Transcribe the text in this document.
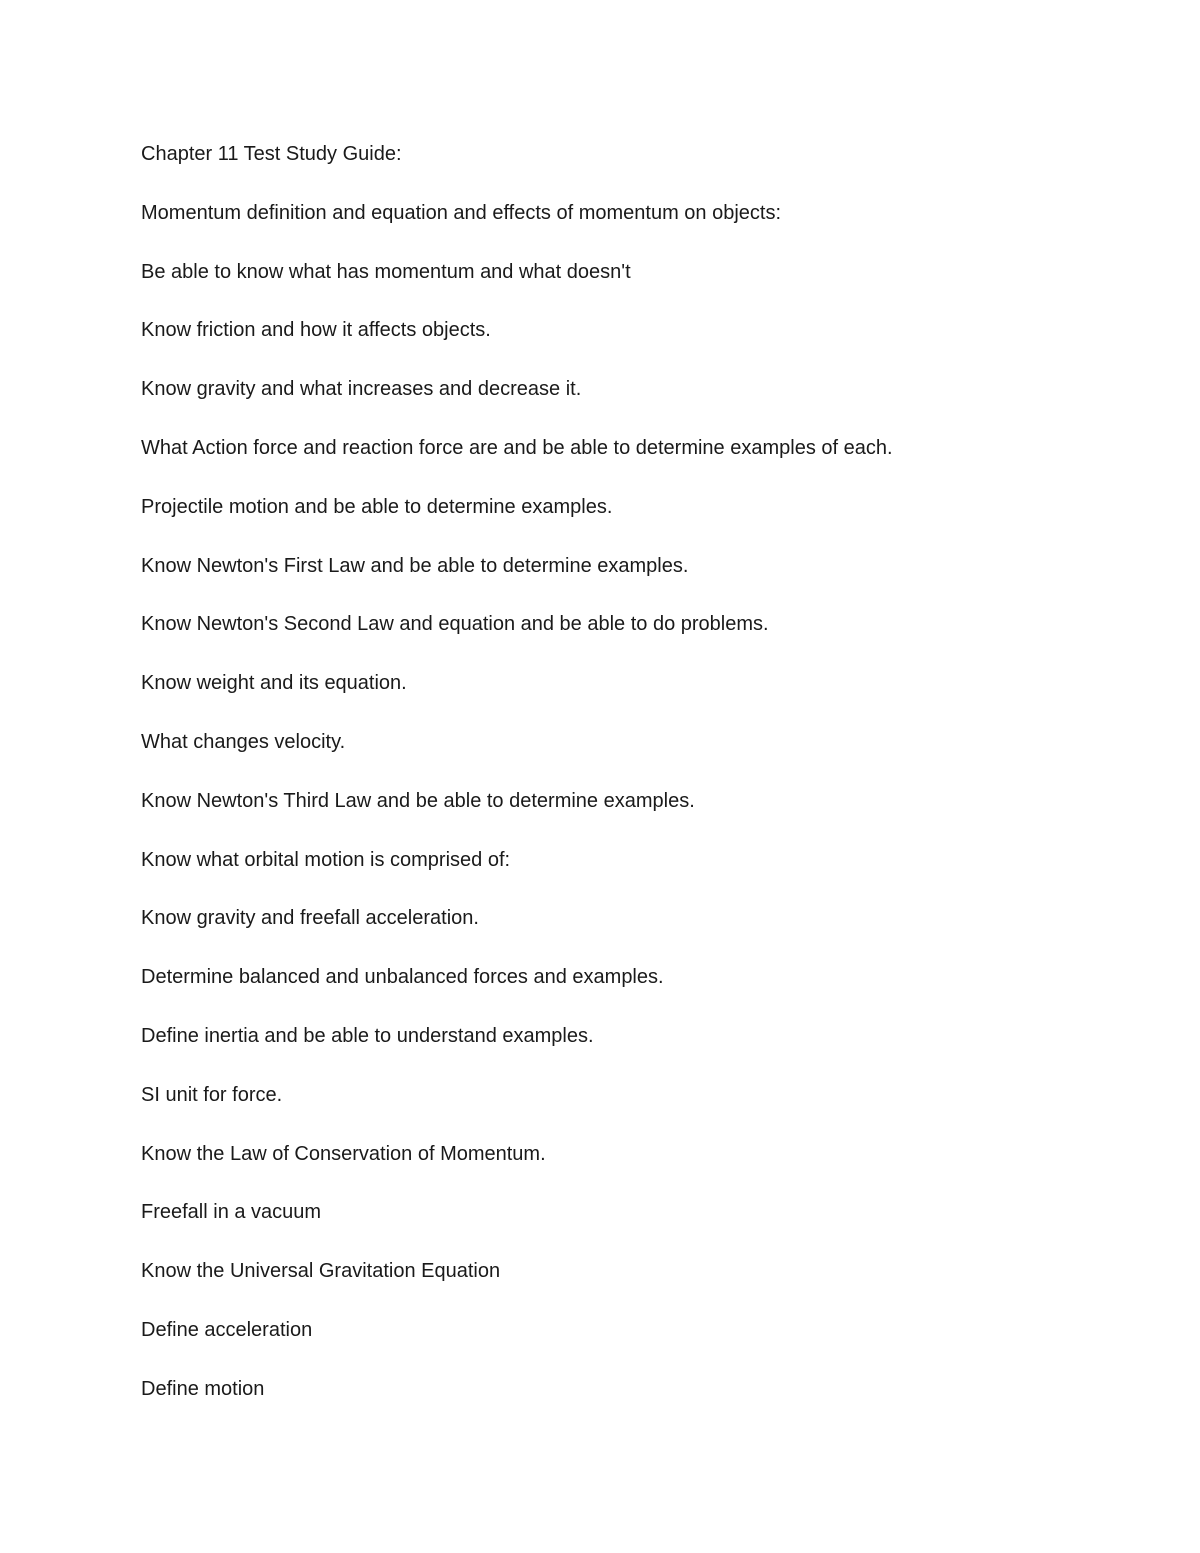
Chapter 11 Test Study Guide:
Momentum definition and equation and effects of momentum on objects:
Be able to know what has momentum and what doesn't
Know friction and how it affects objects.
Know gravity and what increases and decrease it.
What Action force and reaction force are and be able to determine examples of each.
Projectile motion and be able to determine examples.
Know Newton's First Law and be able to determine examples.
Know Newton's Second Law and equation and be able to do problems.
Know weight and its equation.
What changes velocity.
Know Newton's Third Law and be able to determine examples.
Know what orbital motion is comprised of:
Know gravity and freefall acceleration.
Determine balanced and unbalanced forces and examples.
Define inertia and be able to understand examples.
SI unit for force.
Know the Law of Conservation of Momentum.
Freefall in a vacuum
Know the Universal Gravitation Equation
Define acceleration
Define motion
